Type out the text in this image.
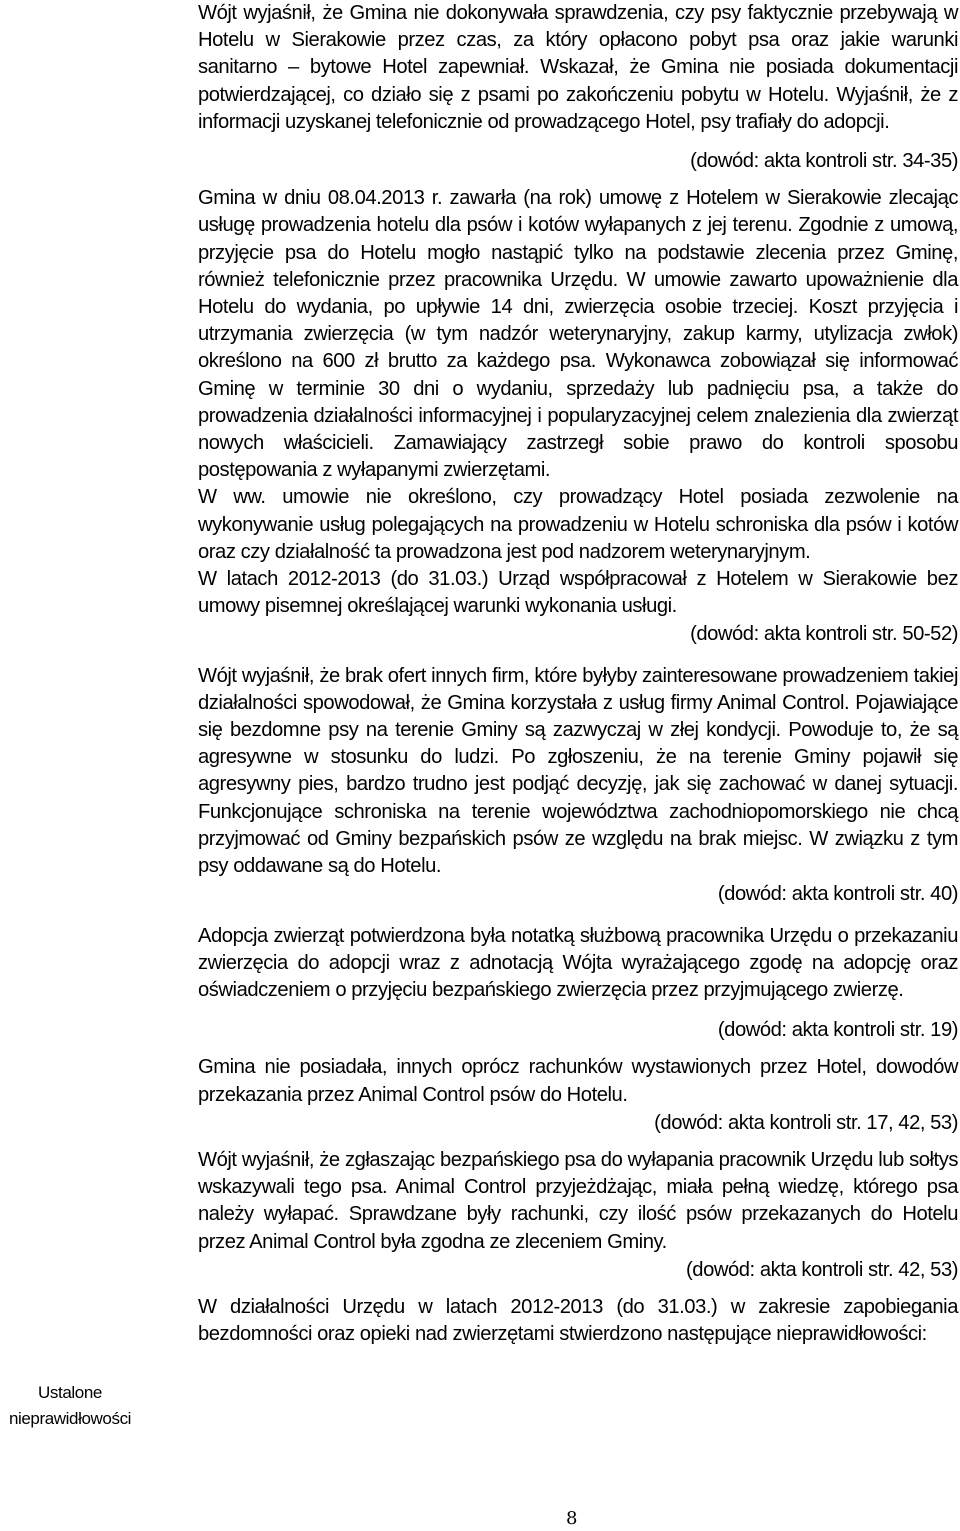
Wójt wyjaśnił, że Gmina nie dokonywała sprawdzenia, czy psy faktycznie przebywają w Hotelu w Sierakowie przez czas, za który opłacono pobyt psa oraz jakie warunki sanitarno – bytowe Hotel zapewniał. Wskazał, że Gmina nie posiada dokumentacji potwierdzającej, co działo się z psami po zakończeniu pobytu w Hotelu. Wyjaśnił, że z informacji uzyskanej telefonicznie od prowadzącego Hotel, psy trafiały do adopcji.

(dowód: akta kontroli str. 34-35)

Gmina w dniu 08.04.2013 r. zawarła (na rok) umowę z Hotelem w Sierakowie zlecając usługę prowadzenia hotelu dla psów i kotów wyłapanych z jej terenu. Zgodnie z umową, przyjęcie psa do Hotelu mogło nastąpić tylko na podstawie zlecenia przez Gminę, również telefonicznie przez pracownika Urzędu. W umowie zawarto upoważnienie dla Hotelu do wydania, po upływie 14 dni, zwierzęcia osobie trzeciej. Koszt przyjęcia i utrzymania zwierzęcia (w tym nadzór weterynaryjny, zakup karmy, utylizacja zwłok) określono na 600 zł brutto za każdego psa. Wykonawca zobowiązał się informować Gminę w terminie 30 dni o wydaniu, sprzedaży lub padnięciu psa, a także do prowadzenia działalności informacyjnej i popularyzacyjnej celem znalezienia dla zwierząt nowych właścicieli. Zamawiający zastrzegł sobie prawo do kontroli sposobu postępowania z wyłapanymi zwierzętami.

W ww. umowie nie określono, czy prowadzący Hotel posiada zezwolenie na wykonywanie usług polegających na prowadzeniu w Hotelu schroniska dla psów i kotów oraz czy działalność ta prowadzona jest pod nadzorem weterynaryjnym.

W latach 2012-2013 (do 31.03.) Urząd współpracował z Hotelem w Sierakowie bez umowy pisemnej określającej warunki wykonania usługi.

(dowód: akta kontroli str. 50-52)

Wójt wyjaśnił, że brak ofert innych firm, które byłyby zainteresowane prowadzeniem takiej działalności spowodował, że Gmina korzystała z usług firmy Animal Control. Pojawiające się bezdomne psy na terenie Gminy są zazwyczaj w złej kondycji. Powoduje to, że są agresywne w stosunku do ludzi. Po zgłoszeniu, że na terenie Gminy pojawił się agresywny pies, bardzo trudno jest podjąć decyzję, jak się zachować w danej sytuacji. Funkcjonujące schroniska na terenie województwa zachodniopomorskiego nie chcą przyjmować od Gminy bezpańskich psów ze względu na brak miejsc. W związku z tym psy oddawane są do Hotelu.

(dowód: akta kontroli str. 40)

Adopcja zwierząt potwierdzona była notatką służbową pracownika Urzędu o przekazaniu zwierzęcia do adopcji wraz z adnotacją Wójta wyrażającego zgodę na adopcję oraz oświadczeniem o przyjęciu bezpańskiego zwierzęcia przez przyjmującego zwierzę.

(dowód: akta kontroli str. 19)

Gmina nie posiadała, innych oprócz rachunków wystawionych przez Hotel, dowodów przekazania przez Animal Control psów do Hotelu.

(dowód: akta kontroli str. 17, 42, 53)

Wójt wyjaśnił, że zgłaszając bezpańskiego psa do wyłapania pracownik Urzędu lub sołtys wskazywali tego psa. Animal Control przyjeżdżając, miała pełną wiedzę, którego psa należy wyłapać. Sprawdzane były rachunki, czy ilość psów przekazanych do Hotelu przez Animal Control była zgodna ze zleceniem Gminy.

(dowód: akta kontroli str. 42, 53)

W działalności Urzędu w latach 2012-2013 (do 31.03.) w zakresie zapobiegania bezdomności oraz opieki nad zwierzętami stwierdzono następujące nieprawidłowości:

Ustalone
nieprawidłowości
8
